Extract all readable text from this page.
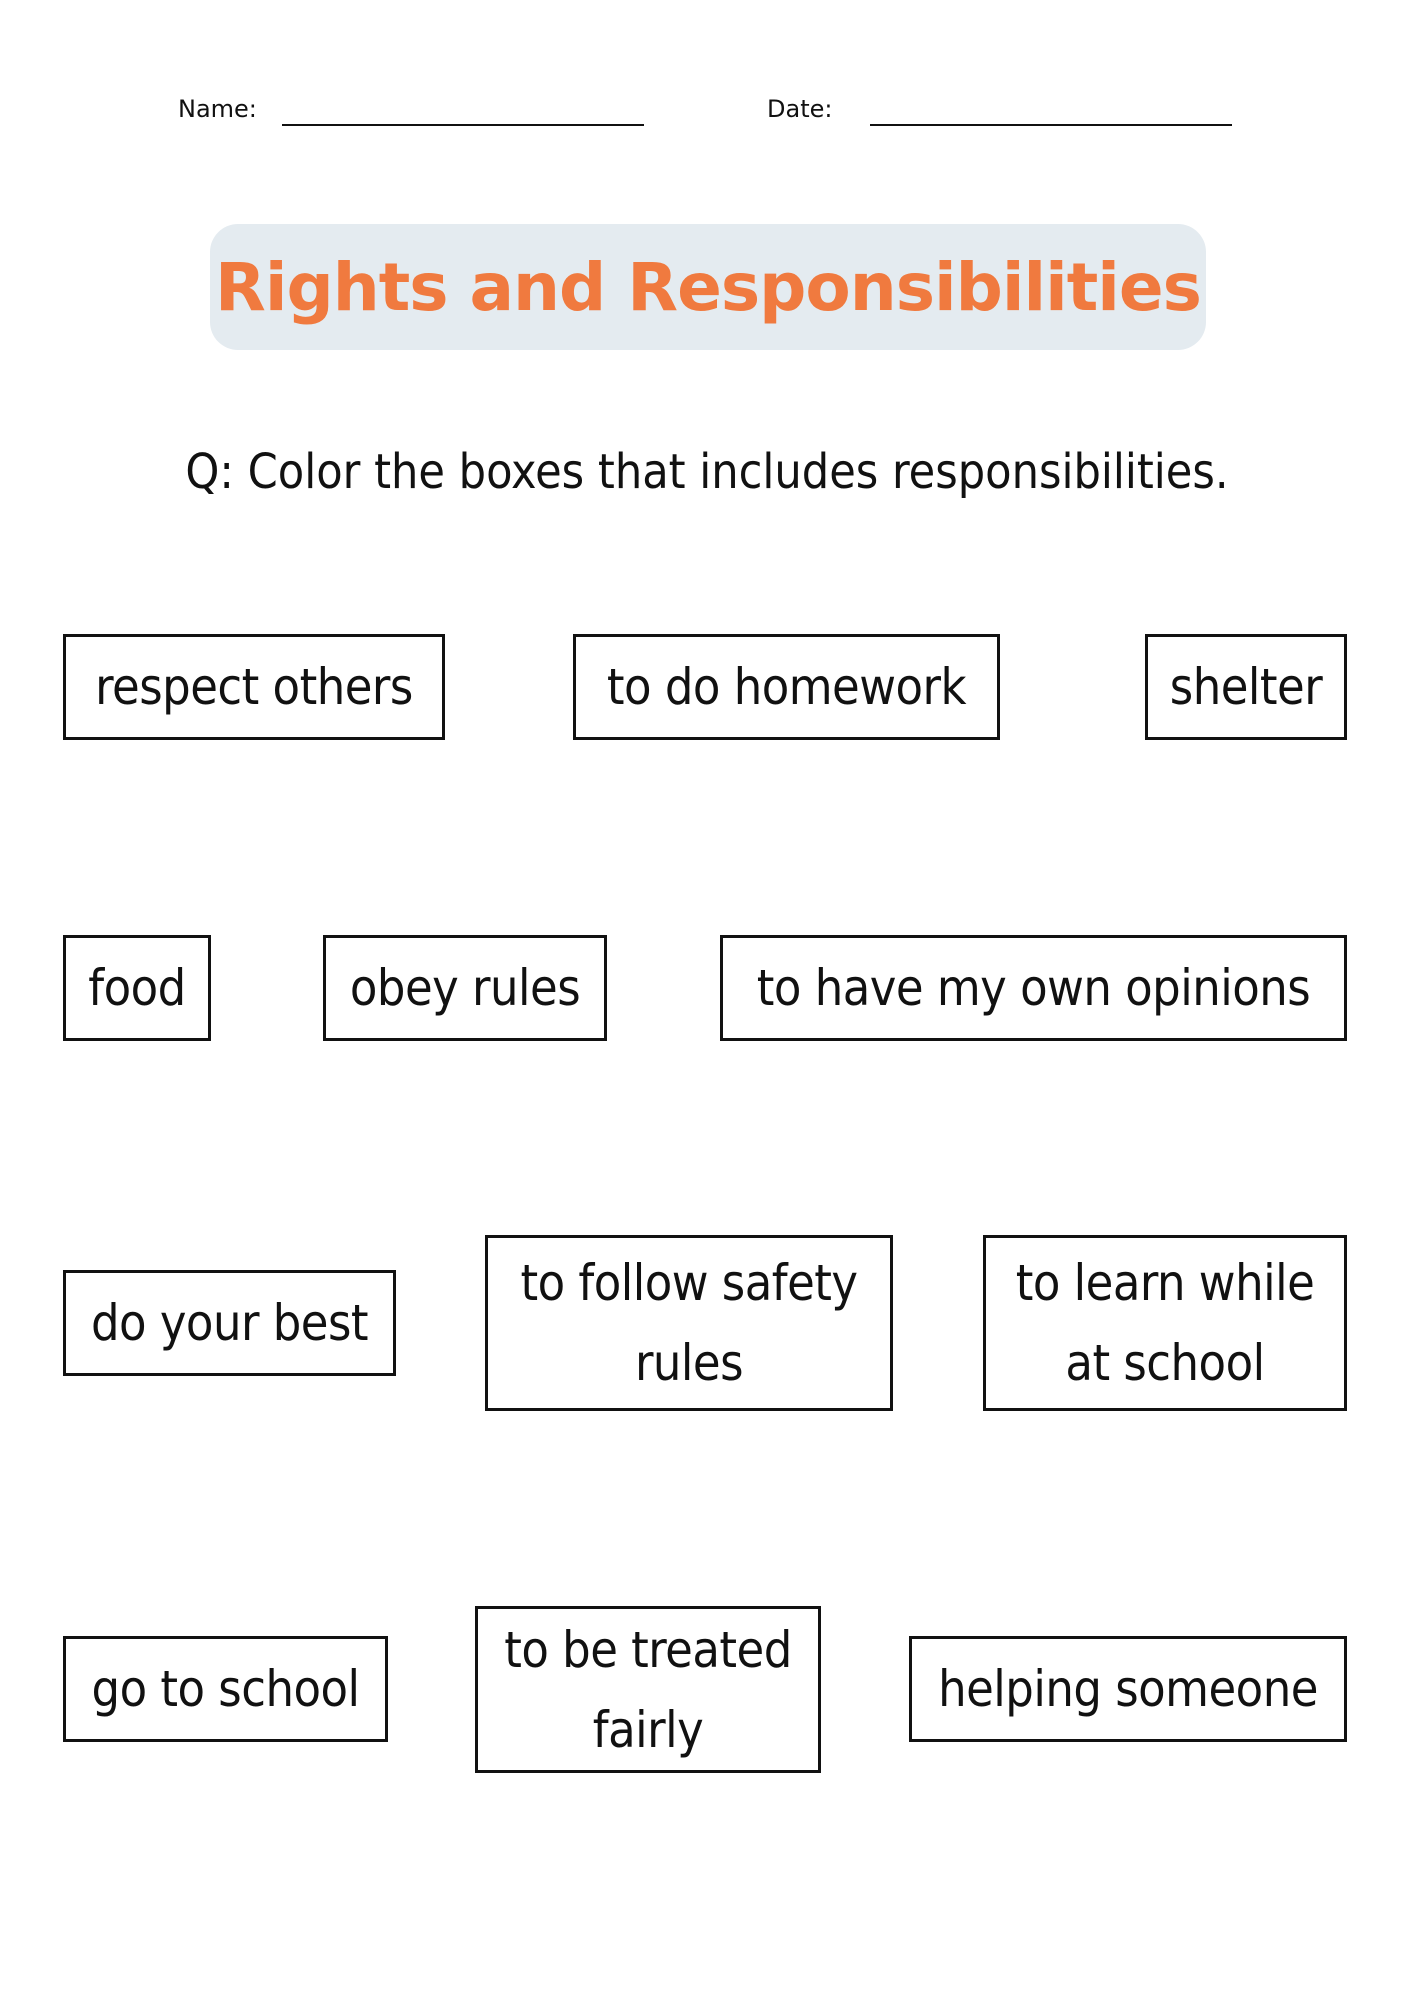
Name:	Date:
Rights and Responsibilities
Q: Color the boxes that includes responsibilities.
respect others	to do homework	shelter
food	obey rules	to have my own opinions
do your best
to follow safety
rules
to learn while
at school
go to school
to be treated
fairly
helping someone
